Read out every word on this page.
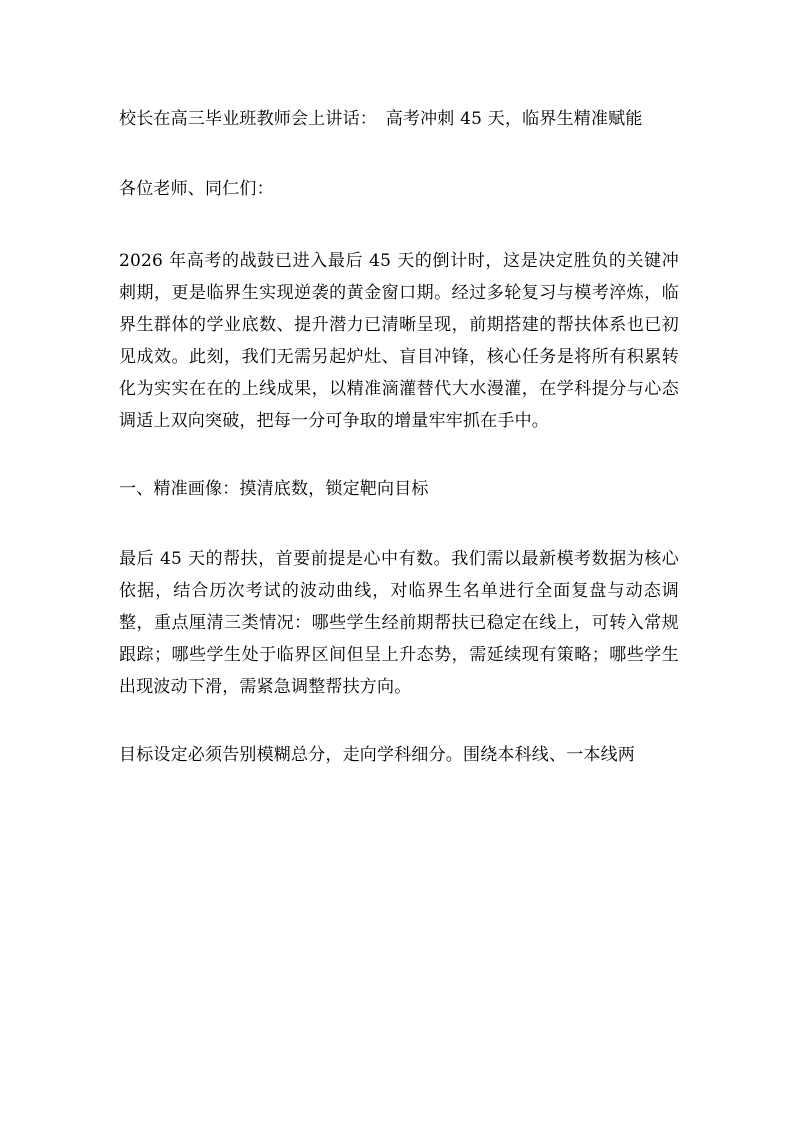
校长在高三毕业班教师会上讲话：　高考冲刺 45 天，临界生精准赋能

各位老师、同仁们：

2026 年高考的战鼓已进入最后 45 天的倒计时，这是决定胜负的关键冲刺期，更是临界生实现逆袭的黄金窗口期。经过多轮复习与模考淬炼，临界生群体的学业底数、提升潜力已清晰呈现，前期搭建的帮扶体系也已初见成效。此刻，我们无需另起炉灶、盲目冲锋，核心任务是将所有积累转化为实实在在的上线成果，以精准滴灌替代大水漫灌，在学科提分与心态调适上双向突破，把每一分可争取的增量牢牢抓在手中。

一、精准画像：摸清底数，锁定靶向目标

最后 45 天的帮扶，首要前提是心中有数。我们需以最新模考数据为核心依据，结合历次考试的波动曲线，对临界生名单进行全面复盘与动态调整，重点厘清三类情况：哪些学生经前期帮扶已稳定在线上，可转入常规跟踪；哪些学生处于临界区间但呈上升态势，需延续现有策略；哪些学生出现波动下滑，需紧急调整帮扶方向。

目标设定必须告别模糊总分，走向学科细分。围绕本科线、一本线两
